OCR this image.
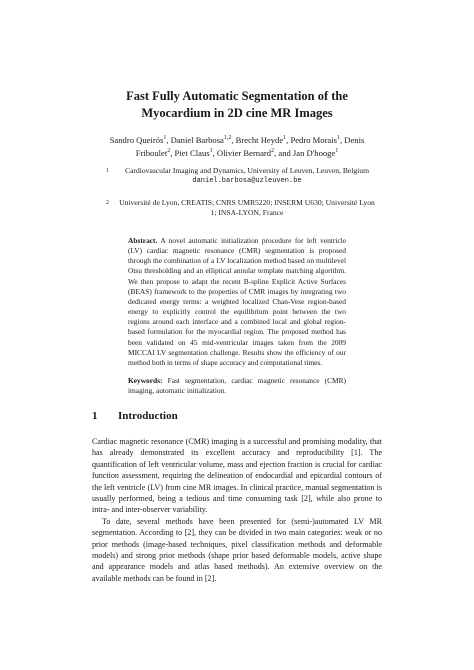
Fast Fully Automatic Segmentation of the
Myocardium in 2D cine MR Images
Sandro Queirós$^1$, Daniel Barbosa$^{1,2}$, Brecht Heyde$^1$, Pedro Morais$^1$, Denis
Friboulet$^2$, Piet Claus$^1$, Olivier Bernard$^2$, and Jan D'hooge$^1$
1	Cardiovascular Imaging and Dynamics, University of Leuven, Leuven, Belgium
daniel.barbosa@uzleuven.be
2	Université de Lyon, CREATIS; CNRS UMR5220; INSERM U630; Université Lyon
1; INSA-LYON, France
Abstract. A novel automatic initialization procedure for left ventricle (LV) cardiac magnetic resonance (CMR) segmentation is proposed through the combination of a LV localization method based on multilevel Otsu thresholding and an elliptical annular template matching algorithm. We then propose to adapt the recent B-spline Explicit Active Surfaces (BEAS) framework to the properties of CMR images by integrating two dedicated energy terms: a weighted localized Chan-Vese region-based energy to explicitly control the equilibrium point between the two regions around each interface and a combined local and global region-based formulation for the myocardial region. The proposed method has been validated on 45 mid-ventricular images taken from the 2009 MICCAI LV segmentation challenge. Results show the efficiency of our method both in terms of shape accuracy and computational times.
Keywords: Fast segmentation, cardiac magnetic resonance (CMR) imaging, automatic initialization.
1 Introduction

Cardiac magnetic resonance (CMR) imaging is a successful and promising modality, that has already demonstrated its excellent accuracy and reproducibility [1]. The quantification of left ventricular volume, mass and ejection fraction is crucial for cardiac function assessment, requiring the delineation of endocardial and epicardial contours of the left ventricle (LV) from cine MR images. In clinical practice, manual segmentation is usually performed, being a tedious and time consuming task [2], while also prone to intra- and inter-observer variability.

To date, several methods have been presented for (semi-)automated LV MR segmentation. According to [2], they can be divided in two main categories: weak or no prior methods (image-based techniques, pixel classification methods and deformable models) and strong prior methods (shape prior based deformable models, active shape and appearance models and atlas based methods). An extensive overview on the available methods can be found in [2].
